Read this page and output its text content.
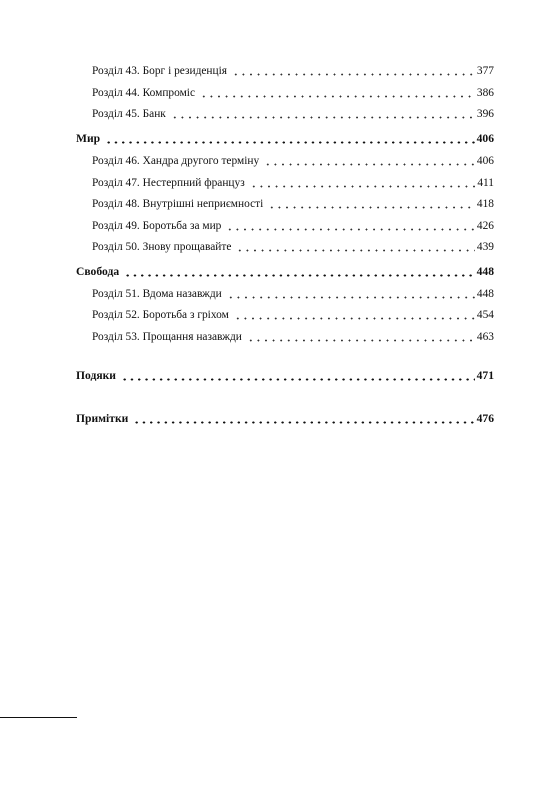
Розділ 43. Борг і резиденція	377
Розділ 44. Компроміс	386
Розділ 45. Банк	396
Мир	406
Розділ 46. Хандра другого терміну	406
Розділ 47. Нестерпний француз	411
Розділ 48. Внутрішні неприємності	418
Розділ 49. Боротьба за мир	426
Розділ 50. Знову прощавайте	439
Свобода	448
Розділ 51. Вдома назавжди	448
Розділ 52. Боротьба з гріхом	454
Розділ 53. Прощання назавжди	463
Подяки	471
Примітки	476
